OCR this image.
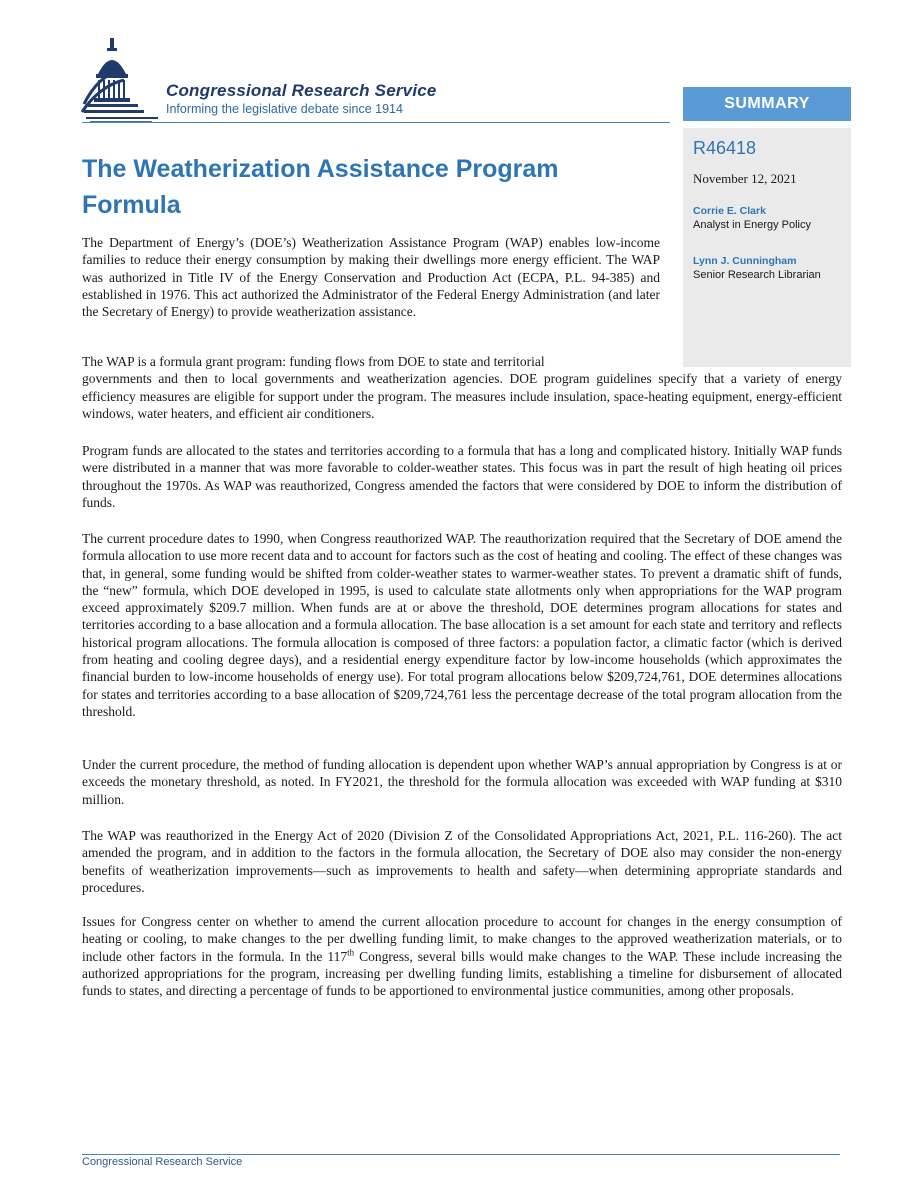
Congressional Research Service
Informing the legislative debate since 1914	SUMMARY
R46418
November 12, 2021
Corrie E. Clark
Analyst in Energy Policy
Lynn J. Cunningham
Senior Research Librarian
The Weatherization Assistance Program Formula

The Department of Energy’s (DOE’s) Weatherization Assistance Program (WAP) enables low-income families to reduce their energy consumption by making their dwellings more energy efficient. The WAP was authorized in Title IV of the Energy Conservation and Production Act (ECPA, P.L. 94-385) and established in 1976. This act authorized the Administrator of the Federal Energy Administration (and later the Secretary of Energy) to provide weatherization assistance.

The WAP is a formula grant program: funding flows from DOE to state and territorial
governments and then to local governments and weatherization agencies. DOE program guidelines specify that a variety of energy efficiency measures are eligible for support under the program. The measures include insulation, space-heating equipment, energy-efficient windows, water heaters, and efficient air conditioners.

Program funds are allocated to the states and territories according to a formula that has a long and complicated history. Initially WAP funds were distributed in a manner that was more favorable to colder-weather states. This focus was in part the result of high heating oil prices throughout the 1970s. As WAP was reauthorized, Congress amended the factors that were considered by DOE to inform the distribution of funds.

The current procedure dates to 1990, when Congress reauthorized WAP. The reauthorization required that the Secretary of DOE amend the formula allocation to use more recent data and to account for factors such as the cost of heating and cooling. The effect of these changes was that, in general, some funding would be shifted from colder-weather states to warmer-weather states. To prevent a dramatic shift of funds, the “new” formula, which DOE developed in 1995, is used to calculate state allotments only when appropriations for the WAP program exceed approximately $209.7 million. When funds are at or above the threshold, DOE determines program allocations for states and territories according to a base allocation and a formula allocation. The base allocation is a set amount for each state and territory and reflects historical program allocations. The formula allocation is composed of three factors: a population factor, a climatic factor (which is derived from heating and cooling degree days), and a residential energy expenditure factor by low-income households (which approximates the financial burden to low-income households of energy use). For total program allocations below $209,724,761, DOE determines allocations for states and territories according to a base allocation of $209,724,761 less the percentage decrease of the total program allocation from the threshold.

Under the current procedure, the method of funding allocation is dependent upon whether WAP’s annual appropriation by Congress is at or exceeds the monetary threshold, as noted. In FY2021, the threshold for the formula allocation was exceeded with WAP funding at $310 million.

The WAP was reauthorized in the Energy Act of 2020 (Division Z of the Consolidated Appropriations Act, 2021, P.L. 116-260). The act amended the program, and in addition to the factors in the formula allocation, the Secretary of DOE also may consider the non-energy benefits of weatherization improvements—such as improvements to health and safety—when determining appropriate standards and procedures.

Issues for Congress center on whether to amend the current allocation procedure to account for changes in the energy consumption of heating or cooling, to make changes to the per dwelling funding limit, to make changes to the approved weatherization materials, or to include other factors in the formula. In the 117th Congress, several bills would make changes to the WAP. These include increasing the authorized appropriations for the program, increasing per dwelling funding limits, establishing a timeline for disbursement of allocated funds to states, and directing a percentage of funds to be apportioned to environmental justice communities, among other proposals.

Congressional Research Service
